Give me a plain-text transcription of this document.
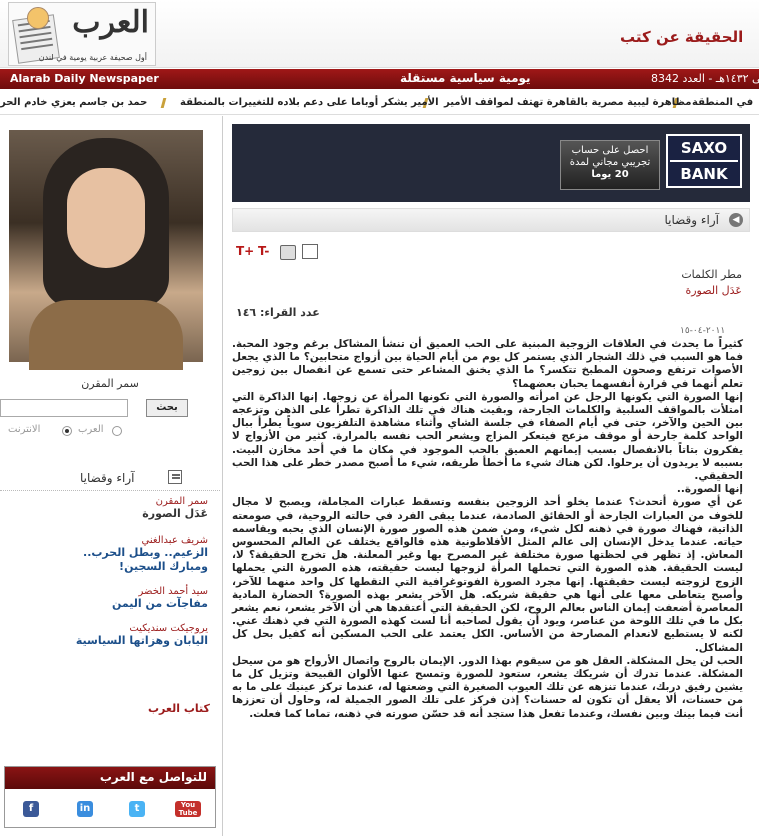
العرب
أول صحيفة عربية يومية في لندن
الحقيقة عن كتب
Alarab Daily Newspaper	يومية سياسية مستقلة	لى ١٤٣٢هـ - العدد 8342
في المنطقة
مظاهرة ليبية مصرية بالقاهرة تهتف لمواقف الأمير
الأمير يشكر أوباما على دعم بلاده للتغييرات بالمنطقة
حمد بن جاسم يعزي خادم الحر
سمر المقرن
بحث
العرب
الانترنت
آراء وقضايا
سمر المقرن
عَدَل الصورة
شريف عبدالغني
الزعيم.. وبطل الحرب.. ومبارك السجين!
سيد أحمد الخضر
مفاجآت من اليمن
يروجيكت سنديكيت
اليابان وهزاتها السياسية
كتاب العرب
للتواصل مع العرب
f	in	t	You Tube
احصل على حساب
تجريبي مجاني لمدة
20 يوما
SAXO
BANK
آراء وقضايا	◀
T+ T-
مطر الكلمات
عَدَل الصورة
عدد القراء: ١٤٦
٢٠١١-٠٤-١٥

كثيراً ما يحدث في العلاقات الزوجية المبنية على الحب العميق أن تنشأ المشاكل برغم وجود المحبة. فما هو السبب في ذلك الشجار الذي يستمر كل يوم من أيام الحياة بين أزواج متحابين؟ ما الذي يجعل الأصوات ترتفع وصحون المطبخ تتكسر؟ ما الذي يخنق المشاعر حتى تسمع عن انفصال بين زوجين تعلم أنهما في قرارة أنفسهما يحبان بعضهما؟

إنها الصورة التي يكونها الرجل عن امرأته والصورة التي تكونها المرأة عن زوجها. إنها الذاكرة التي امتلأت بالمواقف السلبية والكلمات الجارحة، وبقيت هناك في تلك الذاكرة تطرأ على الذهن وتزعجه بين الحين والآخر، حتى في أيام الصفاء في جلسة الشاي وأثناء مشاهدة التلفزيون سوياً يطرأ ببال الواحد كلمة جارحة أو موقف مزعج فيتعكر المزاج ويشعر الحب نفسه بالمرارة. كثير من الأزواج لا يفكرون بتاتاً بالانفصال بسبب إيمانهم العميق بالحب الموجود في مكان ما في أحد مخازن البيت. بسببه لا يريدون أن يرحلوا. لكن هناك شيء ما أخطأ طريقه، شيء ما أصبح مصدر خطر على هذا الحب الحقيقي.

إنها الصورة..

عن أي صورة أتحدث؟ عندما يخلو أحد الزوجين بنفسه وتسقط عبارات المجاملة، ويصبح لا مجال للخوف من العبارات الجارحة أو الحقائق الصادمة، عندما يبقى الفرد في حالته الروحية، في صومعته الذاتية، فهناك صورة في ذهنه لكل شيء، ومن ضمن هذه الصور صورة الإنسان الذي يحبه ويقاسمه حياته. عندما يدخل الإنسان إلى عالم المثل الأفلاطونية هذه فالواقع يختلف عن العالم المحسوس المعاش. إذ تظهر في لحظتها صورة مختلفة غير المصرح بها وغير المعلنة. هل تخرج الحقيقة؟ لا، ليست الحقيقة. هذه الصورة التي تحملها المرأة لزوجها ليست حقيقته، هذه الصورة التي يحملها الزوج لزوجته ليست حقيقتها. إنها مجرد الصورة الفوتوغرافية التي التقطها كل واحد منهما للآخر، وأصبح يتعاطى معها على أنها هي حقيقة شريكه. هل الآخر يشعر بهذه الصورة؟ الحضارة المادية المعاصرة أضعفت إيمان الناس بعالم الروح، لكن الحقيقة التي أعتقدها هي أن الآخر يشعر، نعم يشعر بكل ما في تلك اللوحة من عناصر، ويود أن يقول لصاحبه أنا لست كهذه الصورة التي في ذهنك عني. لكنه لا يستطيع لانعدام المصارحة من الأساس. الكل يعتمد على الحب المسكين أنه كفيل بحل كل المشاكل.

الحب لن يحل المشكلة. العقل هو من سيقوم بهذا الدور. الإيمان بالروح واتصال الأرواح هو من سيحل المشكلة. عندما تدرك أن شريكك يشعر، ستعود للصورة وتمسح عنها الألوان القبيحة وتزيل كل ما يشين رفيق دربك، عندما تنزهه عن تلك العيوب الصغيرة التي وضعتها له، عندما تركز عينيك على ما به من حسنات، ألا يعقل أن تكون له حسنات؟ إذن فركز على تلك الصور الجميلة له، وحاول أن تعززها أنت فيما بينك وبين نفسك، وعندما تفعل هذا ستجد أنه قد حسّن صورته في ذهنه، تماما كما فعلت.
